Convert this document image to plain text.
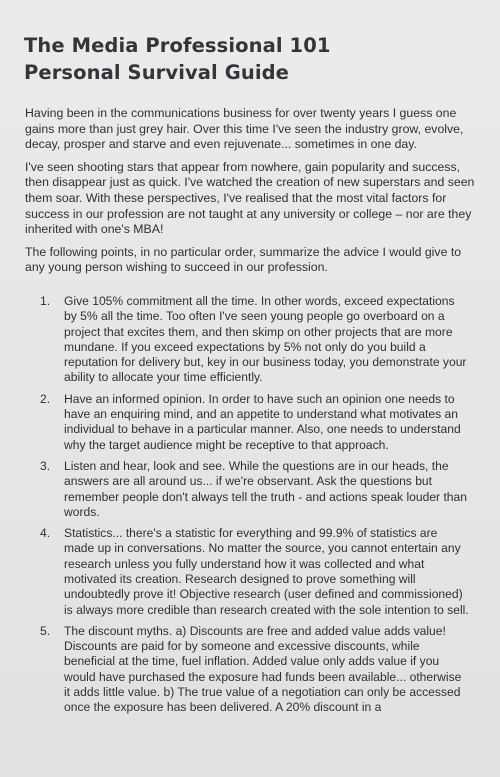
The Media Professional 101
Personal Survival Guide

Having been in the communications business for over twenty years I guess one gains more than just grey hair. Over this time I've seen the industry grow, evolve, decay, prosper and starve and even rejuvenate... sometimes in one day.

I've seen shooting stars that appear from nowhere, gain popularity and success, then disappear just as quick. I've watched the creation of new superstars and seen them soar. With these perspectives, I've realised that the most vital factors for success in our profession are not taught at any university or college – nor are they inherited with one's MBA!

The following points, in no particular order, summarize the advice I would give to any young person wishing to succeed in our profession.

1.	Give 105% commitment all the time. In other words, exceed expectations by 5% all the time. Too often I've seen young people go overboard on a project that excites them, and then skimp on other projects that are more mundane. If you exceed expectations by 5% not only do you build a reputation for delivery but, key in our business today, you demonstrate your ability to allocate your time efficiently.
2.	Have an informed opinion. In order to have such an opinion one needs to have an enquiring mind, and an appetite to understand what motivates an individual to behave in a particular manner. Also, one needs to understand why the target audience might be receptive to that approach.
3.	Listen and hear, look and see. While the questions are in our heads, the answers are all around us... if we're observant. Ask the questions but remember people don't always tell the truth - and actions speak louder than words.
4.	Statistics... there's a statistic for everything and 99.9% of statistics are made up in conversations. No matter the source, you cannot entertain any research unless you fully understand how it was collected and what motivated its creation. Research designed to prove something will undoubtedly prove it! Objective research (user defined and commissioned) is always more credible than research created with the sole intention to sell.
5.	The discount myths. a) Discounts are free and added value adds value! Discounts are paid for by someone and excessive discounts, while beneficial at the time, fuel inflation. Added value only adds value if you would have purchased the exposure had funds been available... otherwise it adds little value. b) The true value of a negotiation can only be accessed once the exposure has been delivered. A 20% discount in a
